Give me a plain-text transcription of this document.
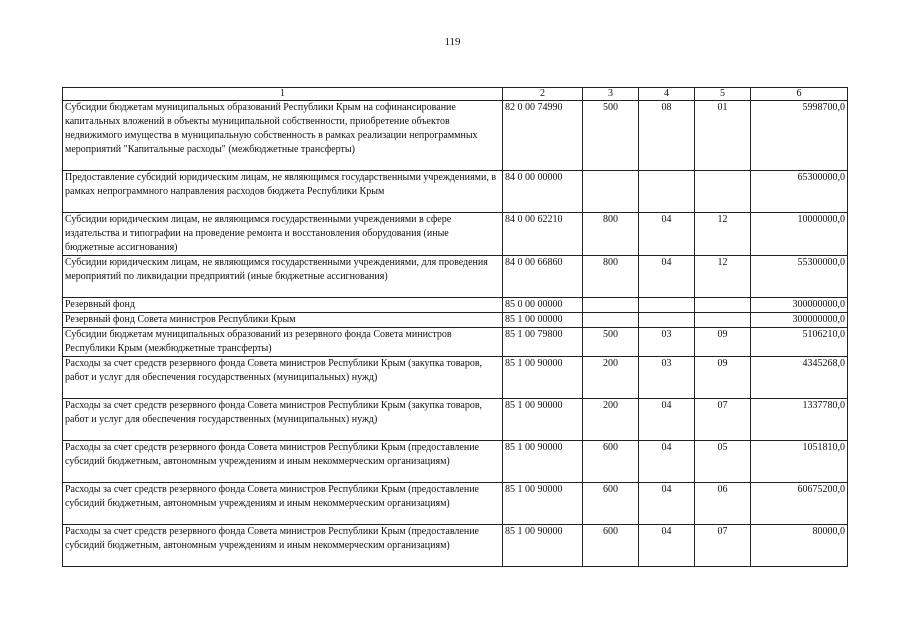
119
1	2	3	4	5	6
Субсидии бюджетам муниципальных образований Республики Крым на софинансирование капитальных вложений в объекты муниципальной собственности, приобретение объектов недвижимого имущества в муниципальную собственность в рамках реализации непрограммных мероприятий "Капитальные расходы" (межбюджетные трансферты)	82 0 00 74990	500	08	01	5998700,0
Предоставление субсидий юридическим лицам, не являющимся государственными учреждениями, в рамках непрограммного направления расходов бюджета Республики Крым	84 0 00 00000				65300000,0
Субсидии юридическим лицам, не являющимся государственными учреждениями в сфере издательства и типографии на проведение ремонта и восстановления оборудования (иные бюджетные ассигнования)	84 0 00 62210	800	04	12	10000000,0
Субсидии юридическим лицам, не являющимся государственными учреждениями, для проведения мероприятий по ликвидации предприятий (иные бюджетные ассигнования)	84 0 00 66860	800	04	12	55300000,0
Резервный фонд	85 0 00 00000				300000000,0
Резервный фонд Совета министров Республики Крым	85 1 00 00000				300000000,0
Субсидии бюджетам муниципальных образований из резервного фонда Совета министров Республики Крым (межбюджетные трансферты)	85 1 00 79800	500	03	09	5106210,0
Расходы за счет средств резервного фонда Совета министров Республики Крым (закупка товаров, работ и услуг для обеспечения государственных (муниципальных) нужд)	85 1 00 90000	200	03	09	4345268,0
Расходы за счет средств резервного фонда Совета министров Республики Крым (закупка товаров, работ и услуг для обеспечения государственных (муниципальных) нужд)	85 1 00 90000	200	04	07	1337780,0
Расходы за счет средств резервного фонда Совета министров Республики Крым (предоставление субсидий бюджетным, автономным учреждениям и иным некоммерческим организациям)	85 1 00 90000	600	04	05	1051810,0
Расходы за счет средств резервного фонда Совета министров Республики Крым (предоставление субсидий бюджетным, автономным учреждениям и иным некоммерческим организациям)	85 1 00 90000	600	04	06	60675200,0
Расходы за счет средств резервного фонда Совета министров Республики Крым (предоставление субсидий бюджетным, автономным учреждениям и иным некоммерческим организациям)	85 1 00 90000	600	04	07	80000,0
